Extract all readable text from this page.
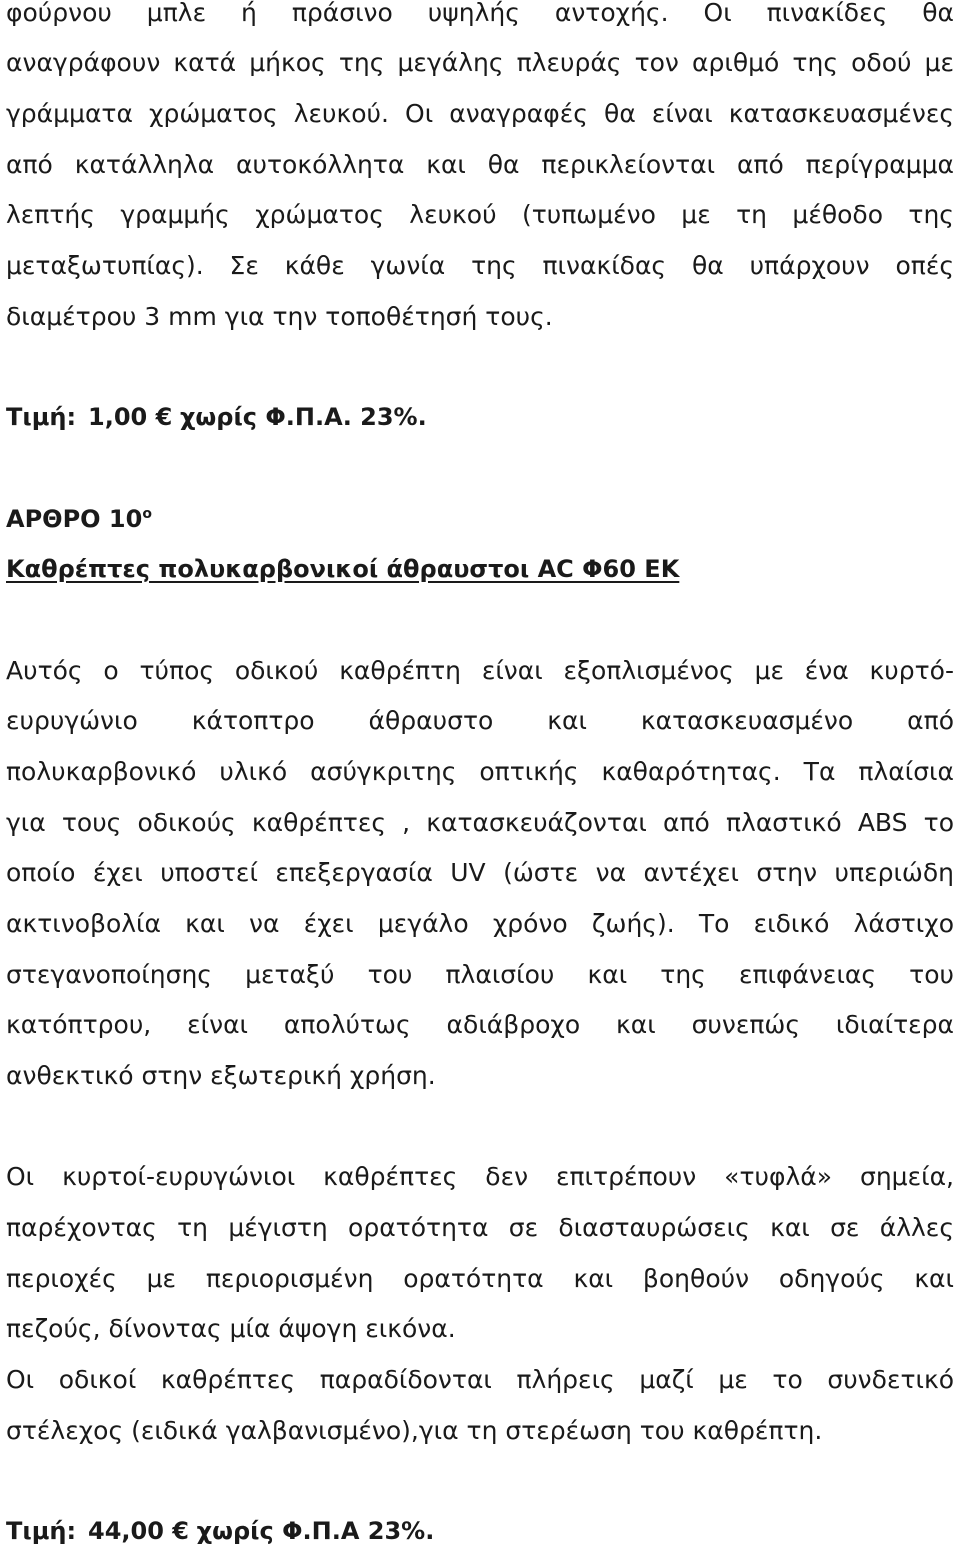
φούρνου μπλε ή πράσινο υψηλής αντοχής. Οι πινακίδες θα
αναγράφουν κατά μήκος της μεγάλης πλευράς τον αριθμό της οδού με
γράμματα χρώματος λευκού. Οι αναγραφές θα είναι κατασκευασμένες
από κατάλληλα αυτοκόλλητα και θα περικλείονται από περίγραμμα
λεπτής γραμμής χρώματος λευκού (τυπωμένο με τη μέθοδο της
μεταξωτυπίας). Σε κάθε γωνία της πινακίδας θα υπάρχουν οπές
διαμέτρου 3 mm για την τοποθέτησή τους.
Τιμή: 1,00 € χωρίς Φ.Π.Α. 23%.
ΑΡΘΡΟ $10^o$
Καθρέπτες πολυκαρβονικοί άθραυστοι AC Φ60 ΕΚ
Αυτός ο τύπος οδικού καθρέπτη είναι εξοπλισμένος με ένα κυρτό-
ευρυγώνιο κάτοπτρο άθραυστο και κατασκευασμένο από
πολυκαρβονικό υλικό ασύγκριτης οπτικής καθαρότητας. Τα πλαίσια
για τους οδικούς καθρέπτες , κατασκευάζονται από πλαστικό ABS το
οποίο έχει υποστεί επεξεργασία UV (ώστε να αντέχει στην υπεριώδη
ακτινοβολία και να έχει μεγάλο χρόνο ζωής). Το ειδικό λάστιχο
στεγανοποίησης μεταξύ του πλαισίου και της επιφάνειας του
κατόπτρου, είναι απολύτως αδιάβροχο και συνεπώς ιδιαίτερα
ανθεκτικό στην εξωτερική χρήση.
Οι κυρτοί-ευρυγώνιοι καθρέπτες δεν επιτρέπουν «τυφλά» σημεία,
παρέχοντας τη μέγιστη ορατότητα σε διασταυρώσεις και σε άλλες
περιοχές με περιορισμένη ορατότητα και βοηθούν οδηγούς και
πεζούς, δίνοντας μία άψογη εικόνα.
Οι οδικοί καθρέπτες παραδίδονται πλήρεις μαζί με το συνδετικό
στέλεχος (ειδικά γαλβανισμένο),για τη στερέωση του καθρέπτη.
Τιμή: 44,00 € χωρίς Φ.Π.Α 23%.
